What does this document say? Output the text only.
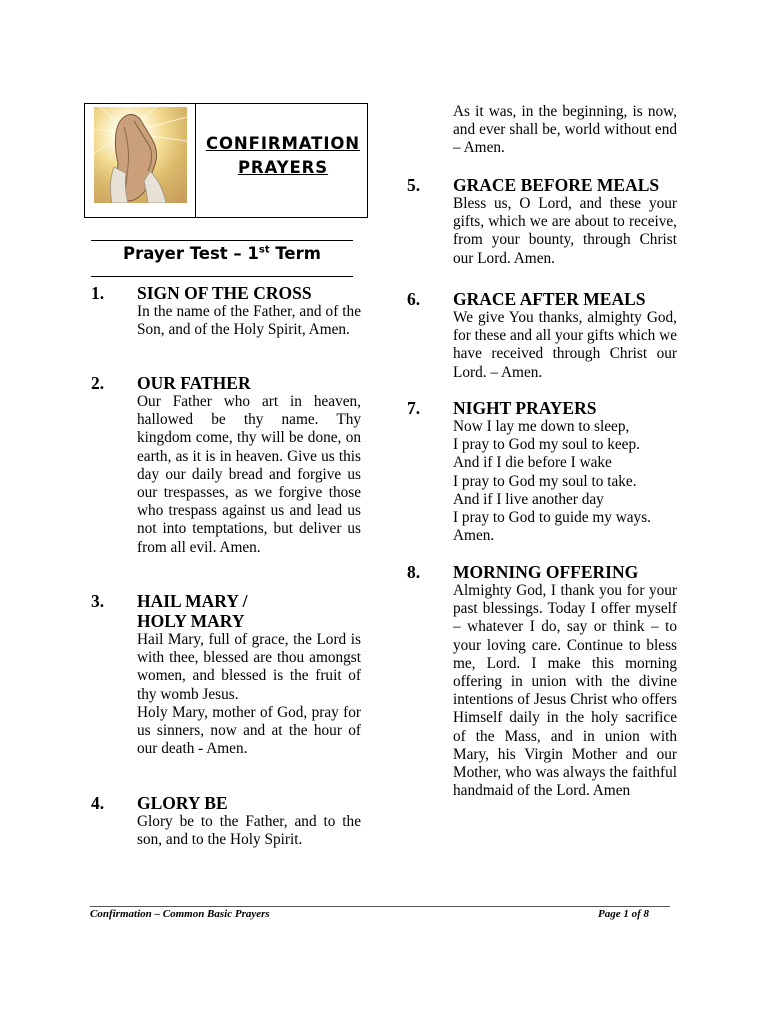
CONFIRMATION
PRAYERS
Prayer Test – 1st Term
1. SIGN OF THE CROSS
In the name of the Father, and of the Son, and of the Holy Spirit, Amen.
2. OUR FATHER
Our Father who art in heaven, hallowed be thy name. Thy kingdom come, thy will be done, on earth, as it is in heaven. Give us this day our daily bread and forgive us our trespasses, as we forgive those who trespass against us and lead us not into temptations, but deliver us from all evil. Amen.
3. HAIL MARY /
HOLY MARY
Hail Mary, full of grace, the Lord is with thee, blessed are thou amongst women, and blessed is the fruit of thy womb Jesus.
Holy Mary, mother of God, pray for us sinners, now and at the hour of our death - Amen.
4. GLORY BE
Glory be to the Father, and to the son, and to the Holy Spirit.
As it was, in the beginning, is now, and ever shall be, world without end – Amen.
5. GRACE BEFORE MEALS
Bless us, O Lord, and these your gifts, which we are about to receive, from your bounty, through Christ our Lord. Amen.
6. GRACE AFTER MEALS
We give You thanks, almighty God, for these and all your gifts which we have received through Christ our Lord. – Amen.
7. NIGHT PRAYERS
Now I lay me down to sleep,
I pray to God my soul to keep.
And if I die before I wake
I pray to God my soul to take.
And if I live another day
I pray to God to guide my ways.
Amen.
8. MORNING OFFERING
Almighty God, I thank you for your past blessings. Today I offer myself – whatever I do, say or think – to your loving care. Continue to bless me, Lord. I make this morning offering in union with the divine intentions of Jesus Christ who offers Himself daily in the holy sacrifice of the Mass, and in union with Mary, his Virgin Mother and our Mother, who was always the faithful handmaid of the Lord. Amen
Confirmation – Common Basic Prayers	Page 1 of 8
